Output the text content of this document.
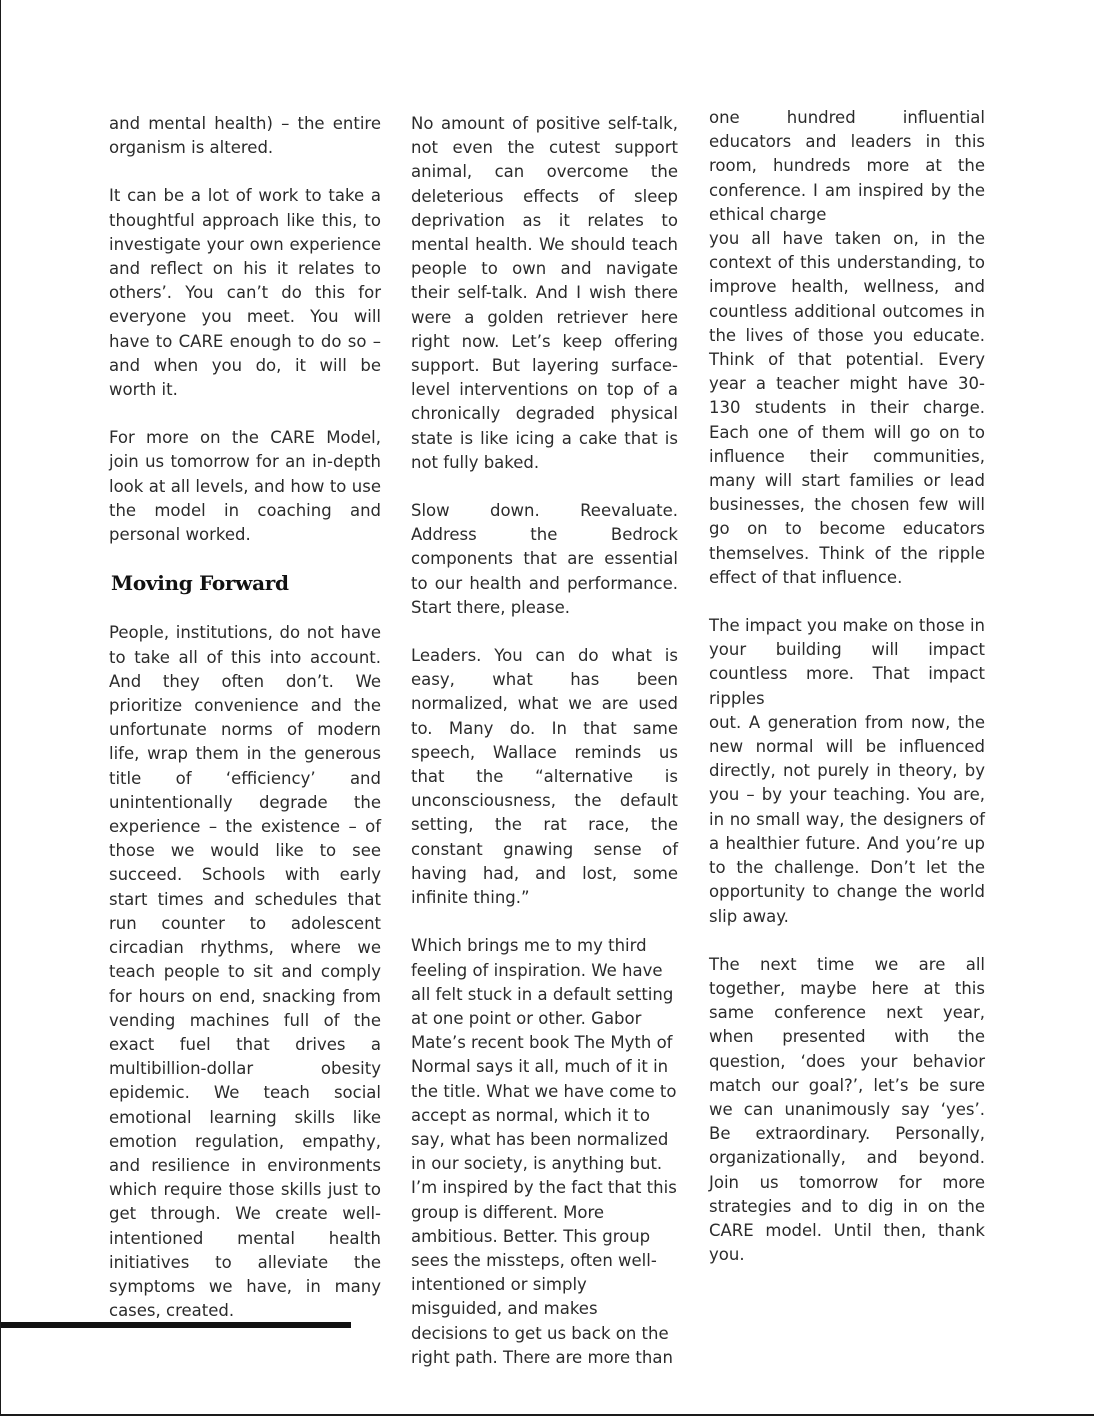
and mental health) – the entire organism is altered.

It can be a lot of work to take a thoughtful approach like this, to investigate your own experience and reflect on his it relates to others’. You can’t do this for everyone you meet. You will have to CARE enough to do so – and when you do, it will be worth it.

For more on the CARE Model, join us tomorrow for an in-depth look at all levels, and how to use the model in coaching and personal worked.

Moving Forward

People, institutions, do not have to take all of this into account. And they often don’t. We prioritize convenience and the unfortunate norms of modern life, wrap them in the generous title of ‘efficiency’ and unintentionally degrade the experience – the existence – of those we would like to see succeed. Schools with early start times and schedules that run counter to adolescent circadian rhythms, where we teach people to sit and comply for hours on end, snacking from vending machines full of the exact fuel that drives a multibillion-dollar obesity epidemic. We teach social emotional learning skills like emotion regulation, empathy, and resilience in environments which require those skills just to get through. We create well-intentioned mental health initiatives to alleviate the symptoms we have, in many cases, created.

No amount of positive self-talk, not even the cutest support animal, can overcome the deleterious effects of sleep deprivation as it relates to mental health. We should teach people to own and navigate their self-talk. And I wish there were a golden retriever here right now. Let’s keep offering support. But layering surface-level interventions on top of a chronically degraded physical state is like icing a cake that is not fully baked.

Slow down. Reevaluate. Address the Bedrock components that are essential to our health and performance. Start there, please.

Leaders. You can do what is easy, what has been normalized, what we are used to. Many do. In that same speech, Wallace reminds us that the “alternative is unconsciousness, the default setting, the rat race, the constant gnawing sense of having had, and lost, some infinite thing.”

Which brings me to my third feeling of inspiration. We have all felt stuck in a default setting at one point or other. Gabor Mate’s recent book The Myth of Normal says it all, much of it in the title. What we have come to accept as normal, which it to say, what has been normalized in our society, is anything but. I’m inspired by the fact that this group is different. More ambitious. Better. This group sees the missteps, often well-intentioned or simply misguided, and makes decisions to get us back on the right path. There are more than

one hundred influential educators and leaders in this room, hundreds more at the conference. I am inspired by the ethical charge

you all have taken on, in the context of this understanding, to improve health, wellness, and countless additional outcomes in the lives of those you educate. Think of that potential. Every year a teacher might have 30-130 students in their charge. Each one of them will go on to influence their communities, many will start families or lead businesses, the chosen few will go on to become educators themselves. Think of the ripple effect of that influence.

The impact you make on those in your building will impact countless more. That impact ripples

out. A generation from now, the new normal will be influenced directly, not purely in theory, by you – by your teaching. You are, in no small way, the designers of a healthier future. And you’re up to the challenge. Don’t let the opportunity to change the world slip away.

The next time we are all together, maybe here at this same conference next year, when presented with the question, ‘does your behavior match our goal?’, let’s be sure we can unanimously say ‘yes’. Be extraordinary. Personally, organizationally, and beyond. Join us tomorrow for more strategies and to dig in on the CARE model. Until then, thank you.
